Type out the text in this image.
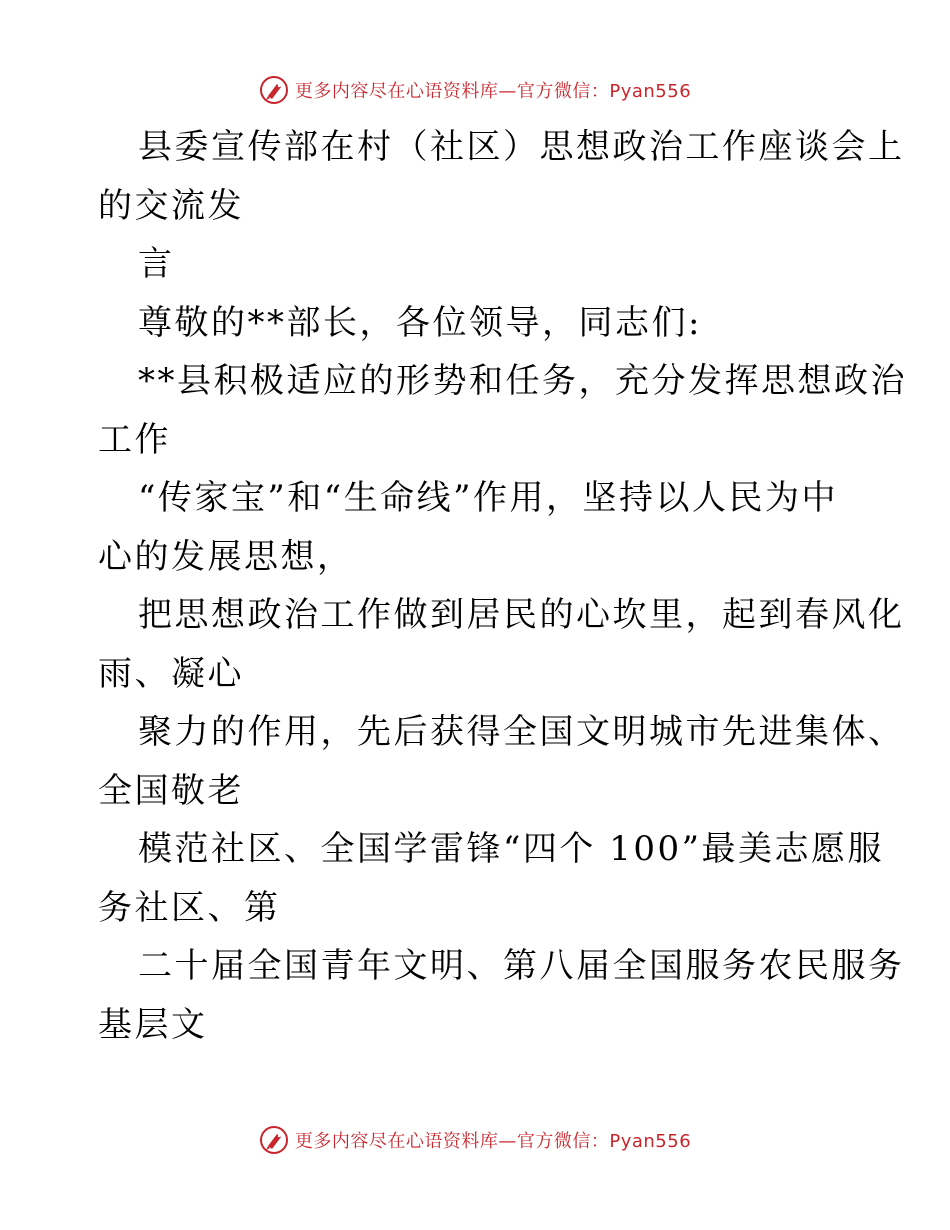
更多内容尽在心语资料库—官方微信：Pyan556
县委宣传部在村（社区）思想政治工作座谈会上
的交流发
言
尊敬的**部长，各位领导，同志们:
**县积极适应的形势和任务，充分发挥思想政治
工作
“传家宝”和“生命线”作用，坚持以人民为中
心的发展思想，
把思想政治工作做到居民的心坎里，起到春风化
雨、凝心
聚力的作用，先后获得全国文明城市先进集体、
全国敬老
模范社区、全国学雷锋“四个 100”最美志愿服
务社区、第
二十届全国青年文明、第八届全国服务农民服务
基层文
更多内容尽在心语资料库—官方微信：Pyan556
